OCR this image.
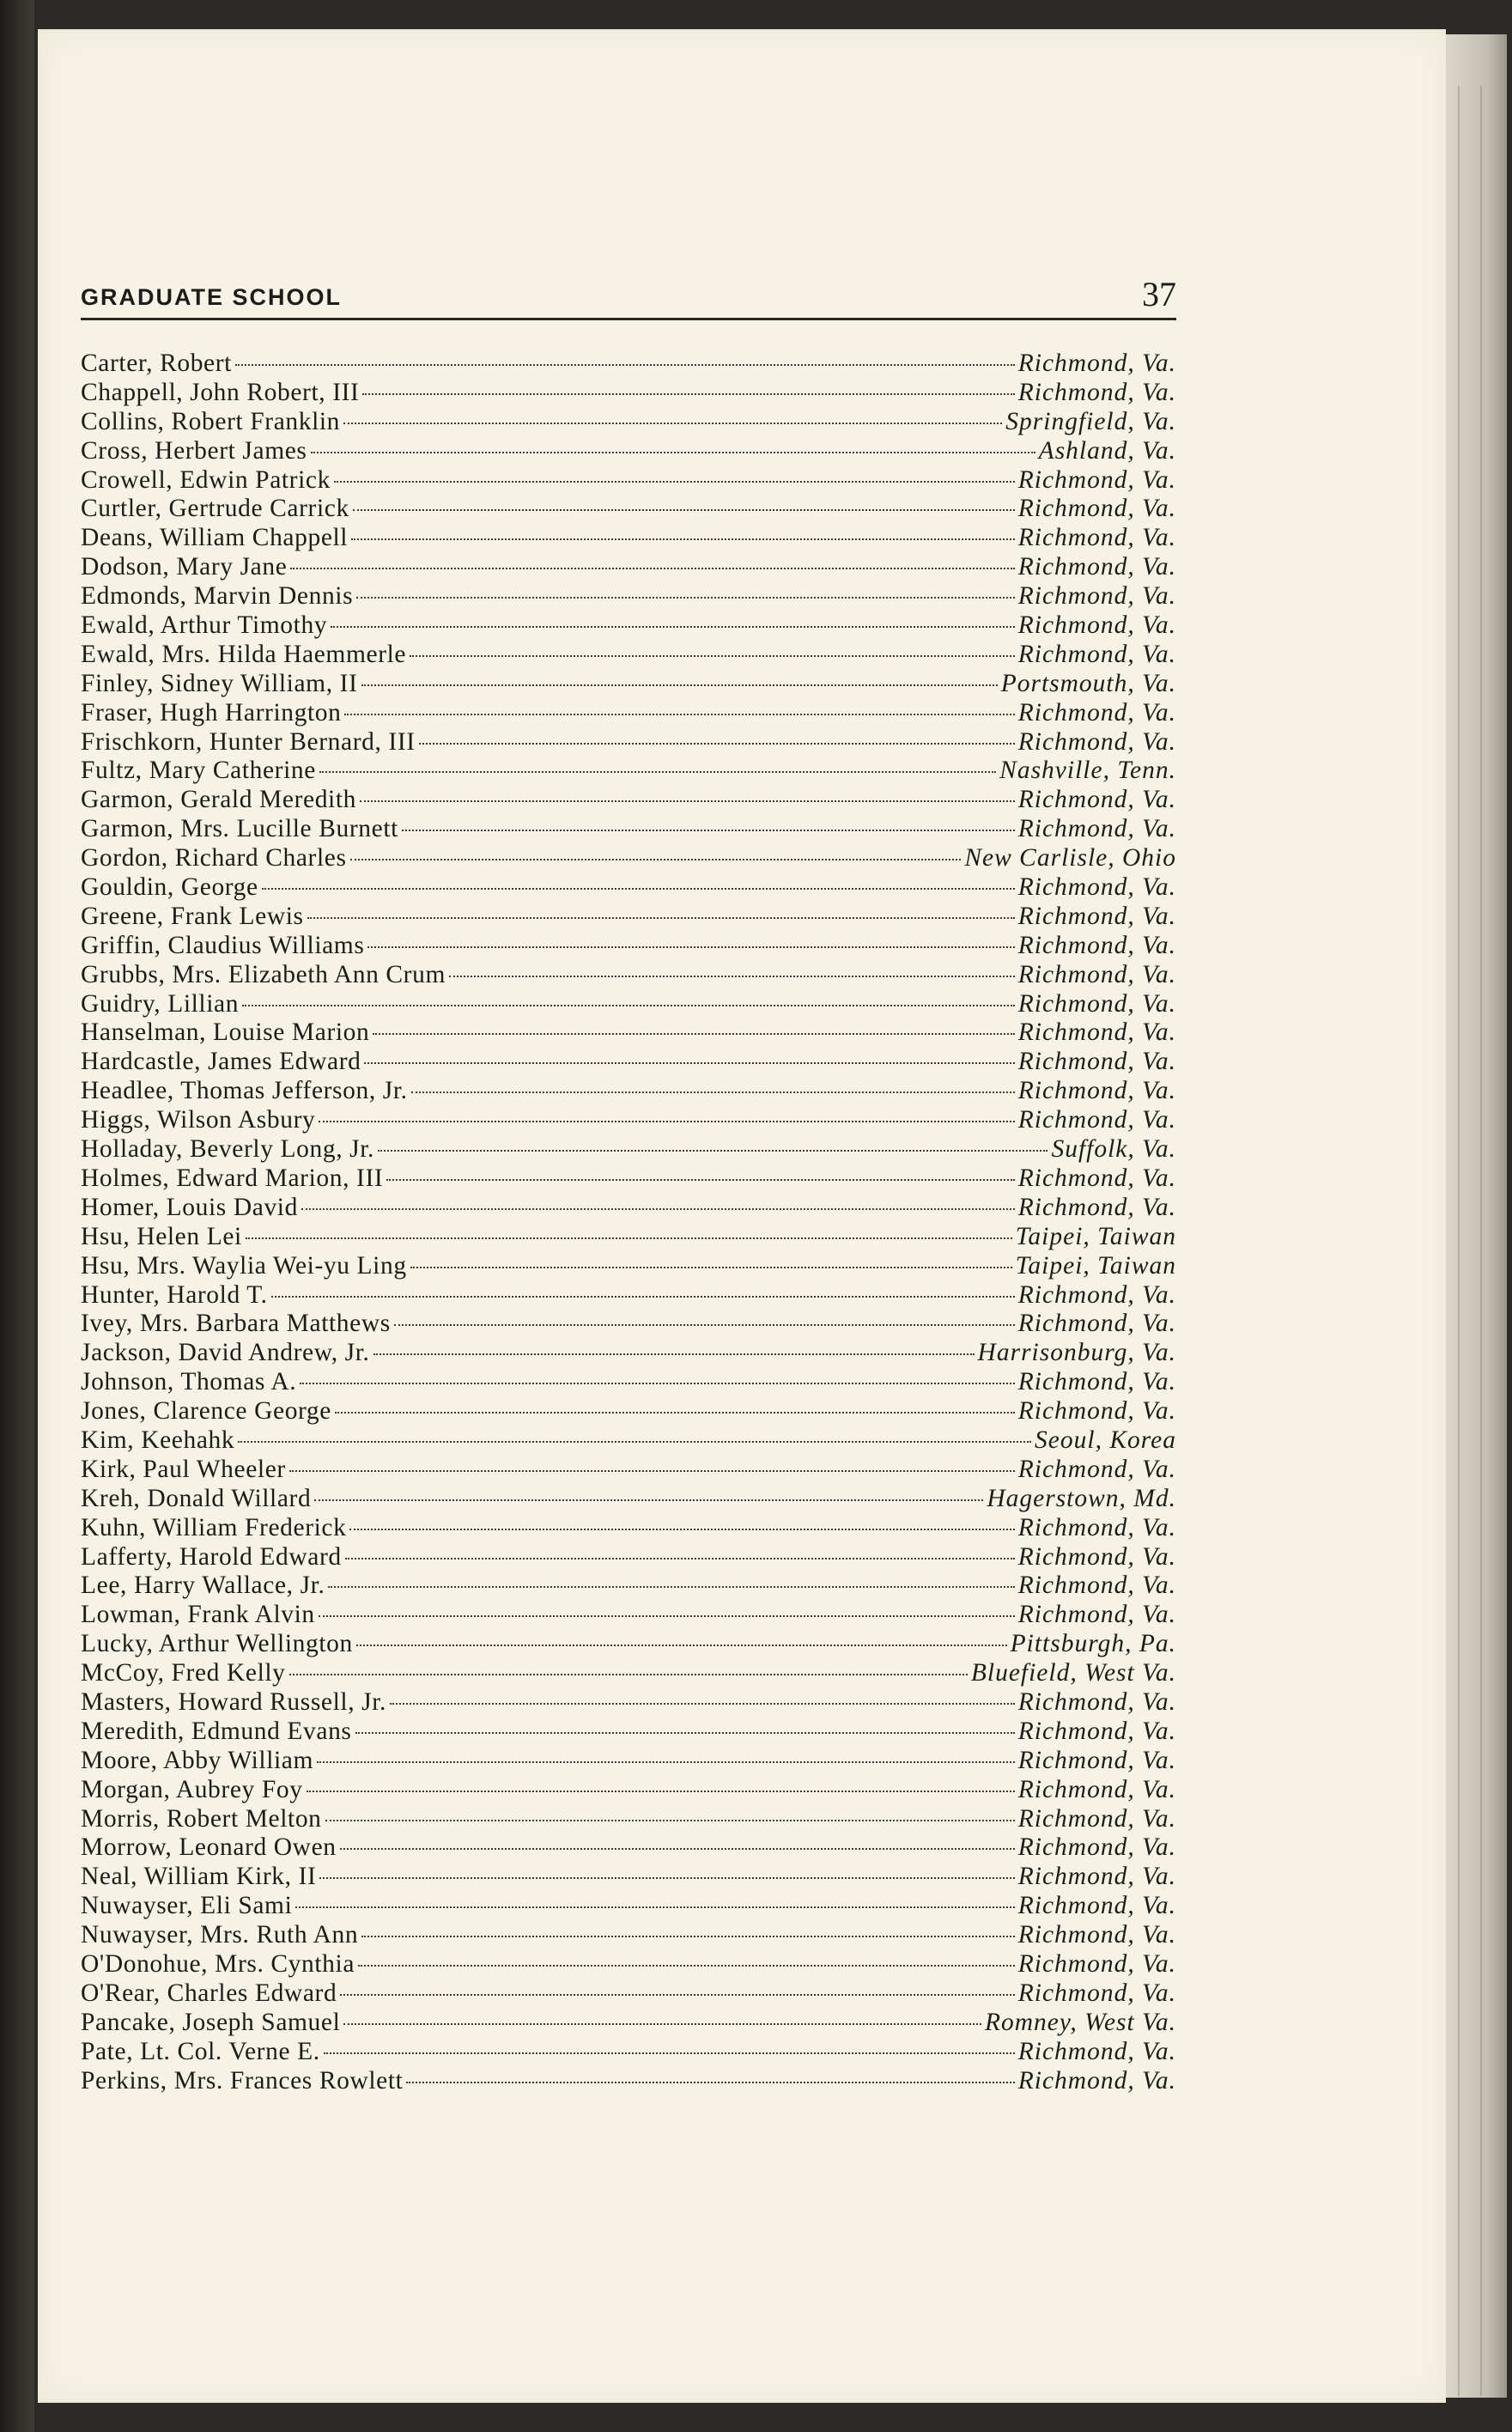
GRADUATE SCHOOL	37
Carter, Robert	Richmond, Va.
Chappell, John Robert, III	Richmond, Va.
Collins, Robert Franklin	Springfield, Va.
Cross, Herbert James	Ashland, Va.
Crowell, Edwin Patrick	Richmond, Va.
Curtler, Gertrude Carrick	Richmond, Va.
Deans, William Chappell	Richmond, Va.
Dodson, Mary Jane	Richmond, Va.
Edmonds, Marvin Dennis	Richmond, Va.
Ewald, Arthur Timothy	Richmond, Va.
Ewald, Mrs. Hilda Haemmerle	Richmond, Va.
Finley, Sidney William, II	Portsmouth, Va.
Fraser, Hugh Harrington	Richmond, Va.
Frischkorn, Hunter Bernard, III	Richmond, Va.
Fultz, Mary Catherine	Nashville, Tenn.
Garmon, Gerald Meredith	Richmond, Va.
Garmon, Mrs. Lucille Burnett	Richmond, Va.
Gordon, Richard Charles	New Carlisle, Ohio
Gouldin, George	Richmond, Va.
Greene, Frank Lewis	Richmond, Va.
Griffin, Claudius Williams	Richmond, Va.
Grubbs, Mrs. Elizabeth Ann Crum	Richmond, Va.
Guidry, Lillian	Richmond, Va.
Hanselman, Louise Marion	Richmond, Va.
Hardcastle, James Edward	Richmond, Va.
Headlee, Thomas Jefferson, Jr.	Richmond, Va.
Higgs, Wilson Asbury	Richmond, Va.
Holladay, Beverly Long, Jr.	Suffolk, Va.
Holmes, Edward Marion, III	Richmond, Va.
Homer, Louis David	Richmond, Va.
Hsu, Helen Lei	Taipei, Taiwan
Hsu, Mrs. Waylia Wei-yu Ling	Taipei, Taiwan
Hunter, Harold T.	Richmond, Va.
Ivey, Mrs. Barbara Matthews	Richmond, Va.
Jackson, David Andrew, Jr.	Harrisonburg, Va.
Johnson, Thomas A.	Richmond, Va.
Jones, Clarence George	Richmond, Va.
Kim, Keehahk	Seoul, Korea
Kirk, Paul Wheeler	Richmond, Va.
Kreh, Donald Willard	Hagerstown, Md.
Kuhn, William Frederick	Richmond, Va.
Lafferty, Harold Edward	Richmond, Va.
Lee, Harry Wallace, Jr.	Richmond, Va.
Lowman, Frank Alvin	Richmond, Va.
Lucky, Arthur Wellington	Pittsburgh, Pa.
McCoy, Fred Kelly	Bluefield, West Va.
Masters, Howard Russell, Jr.	Richmond, Va.
Meredith, Edmund Evans	Richmond, Va.
Moore, Abby William	Richmond, Va.
Morgan, Aubrey Foy	Richmond, Va.
Morris, Robert Melton	Richmond, Va.
Morrow, Leonard Owen	Richmond, Va.
Neal, William Kirk, II	Richmond, Va.
Nuwayser, Eli Sami	Richmond, Va.
Nuwayser, Mrs. Ruth Ann	Richmond, Va.
O'Donohue, Mrs. Cynthia	Richmond, Va.
O'Rear, Charles Edward	Richmond, Va.
Pancake, Joseph Samuel	Romney, West Va.
Pate, Lt. Col. Verne E.	Richmond, Va.
Perkins, Mrs. Frances Rowlett	Richmond, Va.
